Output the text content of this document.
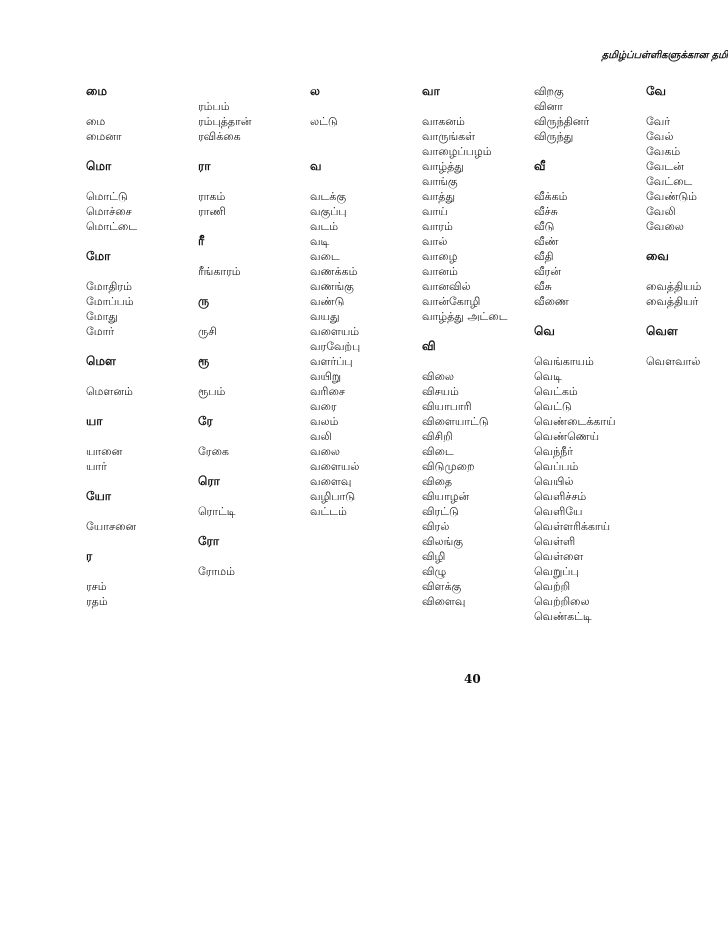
தமிழ்ப்பள்ளிகளுக்கான தமி
மை
மை
மைனா
மொ
மொட்டு
மொச்சை
மொட்டை
மோ
மோதிரம்
மோப்பம்
மோது
மோர்
மௌ
மௌனம்
யா
யானை
யார்
யோ
யோசனை
ர
ரசம்
ரதம்
ரம்பம்
ரம்புத்தான்
ரவிக்கை
ரா
ராகம்
ராணி
ரீ
ரீங்காரம்
ரு
ருசி
ரூ
ரூபம்
ரே
ரேகை
ரொ
ரொட்டி
ரோ
ரோமம்
ல
லட்டு
வ
வடக்கு
வகுப்பு
வடம்
வடி
வடை
வணக்கம்
வணங்கு
வண்டு
வயது
வளையம்
வரவேற்பு
வளர்ப்பு
வயிறு
வரிசை
வரை
வலம்
வலி
வலை
வளையல்
வளைவு
வழிபாடு
வட்டம்
வா
வாகனம்
வாருங்கள்
வாழைப்பழம்
வாழ்த்து
வாங்கு
வாத்து
வாய்
வாரம்
வால்
வாழை
வானம்
வானவில்
வான்கோழி
வாழ்த்து அட்டை
வி
விலை
விசயம்
வியாபாரி
விளையாட்டு
விசிறி
விடை
விடுமுறை
விதை
வியாழன்
விரட்டு
விரல்
விலங்கு
விழி
விழு
விளக்கு
விளைவு
விறகு
வினா
விருந்தினர்
விருந்து
வீ
வீக்கம்
வீச்சு
வீடு
வீண்
வீதி
வீரன்
வீசு
வீணை
வெ
வெங்காயம்
வெடி
வெட்கம்
வெட்டு
வெண்டைக்காய்
வெண்ணெய்
வெந்நீர்
வெப்பம்
வெயில்
வெளிச்சம்
வெளியே
வெள்ளரிக்காய்
வெள்ளி
வெள்ளை
வெறுப்பு
வெற்றி
வெற்றிலை
வெண்கட்டி
வே
வேர்
வேல்
வேகம்
வேடன்
வேட்டை
வேண்டும்
வேலி
வேலை
வை
வைத்தியம்
வைத்தியர்
வௌ
வௌவால்
40
